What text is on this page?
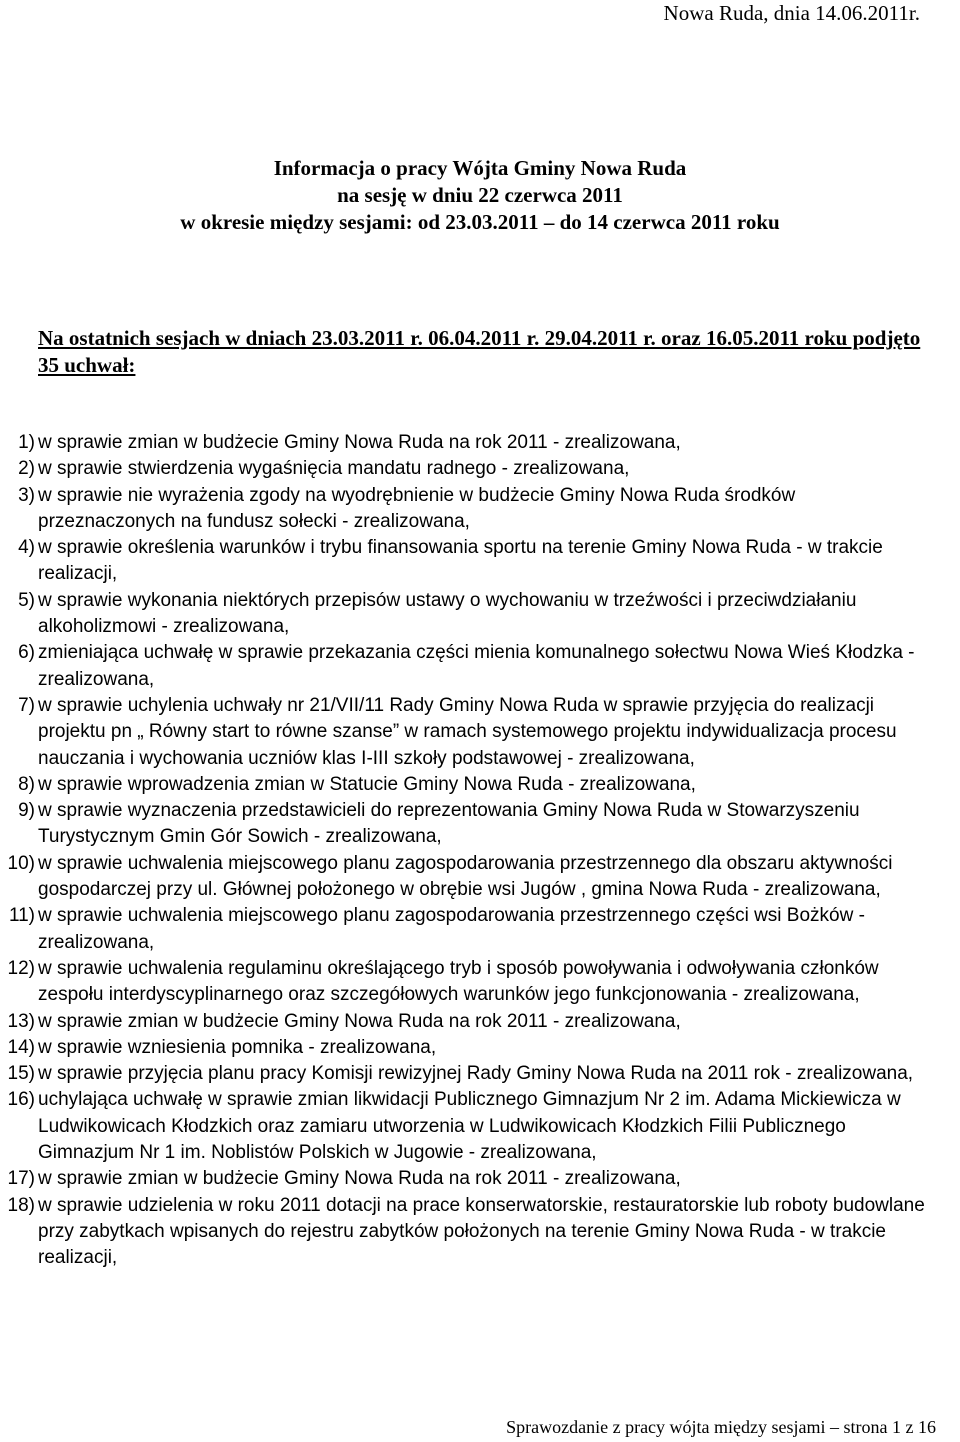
Nowa Ruda, dnia 14.06.2011r.
Informacja o pracy Wójta Gminy Nowa Ruda
na sesję w dniu 22 czerwca 2011
w okresie między sesjami: od 23.03.2011 – do 14 czerwca 2011 roku
Na ostatnich sesjach w dniach 23.03.2011 r. 06.04.2011 r. 29.04.2011 r. oraz 16.05.2011 roku podjęto 35 uchwał:
1) w sprawie zmian w budżecie Gminy Nowa Ruda na rok 2011 - zrealizowana,
2) w sprawie stwierdzenia wygaśnięcia mandatu radnego - zrealizowana,
3) w sprawie nie wyrażenia zgody na wyodrębnienie w budżecie Gminy Nowa Ruda środków przeznaczonych na fundusz sołecki - zrealizowana,
4) w sprawie określenia warunków i trybu finansowania sportu na terenie Gminy Nowa Ruda - w trakcie realizacji,
5) w sprawie wykonania niektórych przepisów ustawy o wychowaniu w trzeźwości i przeciwdziałaniu alkoholizmowi - zrealizowana,
6) zmieniająca uchwałę w sprawie przekazania części mienia komunalnego sołectwu Nowa Wieś Kłodzka - zrealizowana,
7) w sprawie uchylenia uchwały nr 21/VII/11 Rady Gminy Nowa Ruda w sprawie przyjęcia do realizacji projektu pn „ Równy start to równe szanse” w ramach systemowego projektu indywidualizacja procesu nauczania i wychowania uczniów klas I-III szkoły podstawowej - zrealizowana,
8) w sprawie wprowadzenia zmian w Statucie Gminy Nowa Ruda - zrealizowana,
9) w sprawie wyznaczenia przedstawicieli do reprezentowania Gminy Nowa Ruda w Stowarzyszeniu Turystycznym Gmin Gór Sowich - zrealizowana,
10) w sprawie uchwalenia miejscowego planu zagospodarowania przestrzennego dla obszaru aktywności gospodarczej przy ul. Głównej położonego w obrębie wsi Jugów , gmina Nowa Ruda - zrealizowana,
11) w sprawie uchwalenia miejscowego planu zagospodarowania przestrzennego części wsi Bożków - zrealizowana,
12) w sprawie uchwalenia regulaminu określającego tryb i sposób powoływania i odwoływania członków zespołu interdyscyplinarnego oraz szczegółowych warunków jego funkcjonowania - zrealizowana,
13) w sprawie zmian w budżecie Gminy Nowa Ruda na rok 2011 - zrealizowana,
14) w sprawie wzniesienia pomnika - zrealizowana,
15) w sprawie przyjęcia planu pracy Komisji rewizyjnej Rady Gminy Nowa Ruda na 2011 rok - zrealizowana,
16) uchylająca uchwałę w sprawie zmian likwidacji Publicznego Gimnazjum Nr 2 im. Adama Mickiewicza w Ludwikowicach Kłodzkich oraz zamiaru utworzenia w Ludwikowicach Kłodzkich Filii Publicznego Gimnazjum Nr 1 im. Noblistów Polskich w Jugowie - zrealizowana,
17) w sprawie zmian w budżecie Gminy Nowa Ruda na rok 2011 - zrealizowana,
18) w sprawie udzielenia w roku 2011 dotacji na prace konserwatorskie, restauratorskie lub roboty budowlane przy zabytkach wpisanych do rejestru zabytków położonych na terenie Gminy Nowa Ruda - w trakcie realizacji,
Sprawozdanie z pracy wójta między sesjami – strona 1 z 16
